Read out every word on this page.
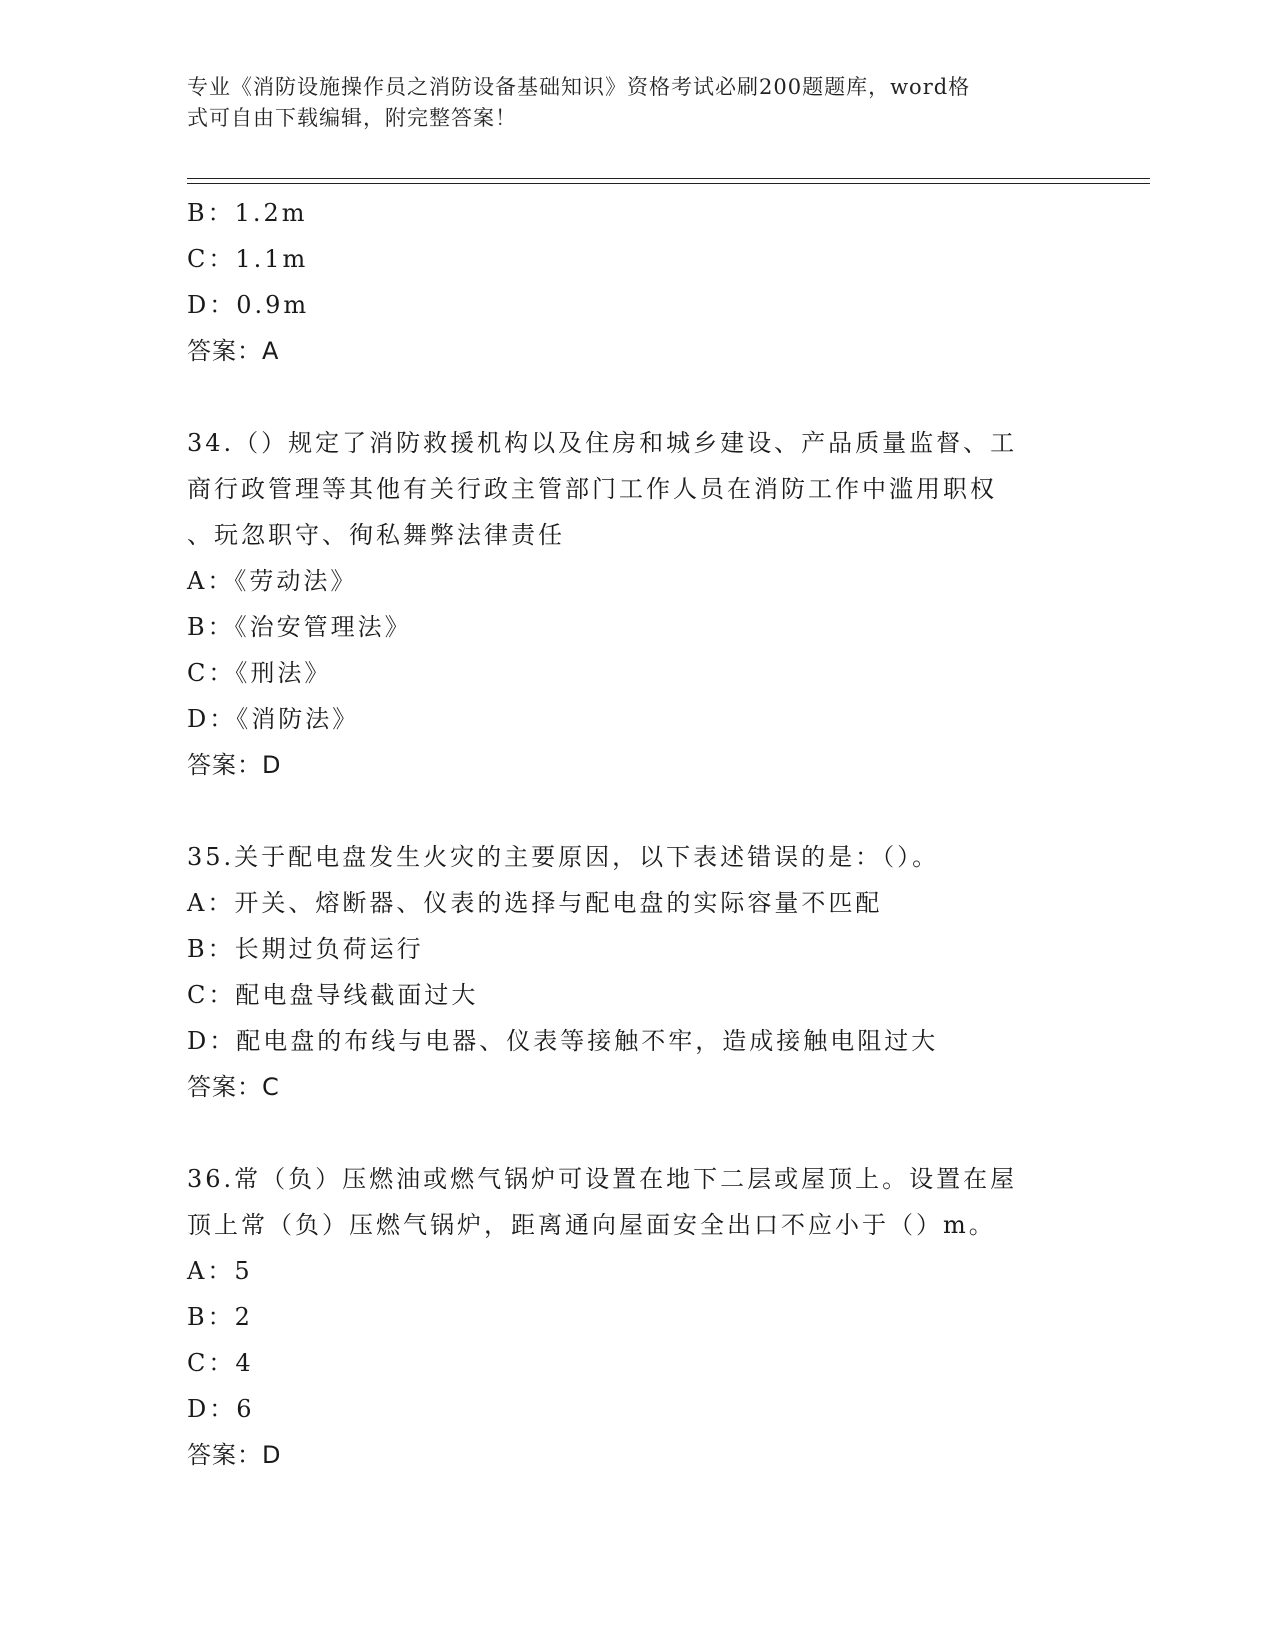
专业《消防设施操作员之消防设备基础知识》资格考试必刷200题题库，word格
式可自由下载编辑，附完整答案！
B：1.2m
C：1.1m
D：0.9m
答案：A
34.（）规定了消防救援机构以及住房和城乡建设、产品质量监督、工
商行政管理等其他有关行政主管部门工作人员在消防工作中滥用职权
、玩忽职守、徇私舞弊法律责任
A：《劳动法》
B：《治安管理法》
C：《刑法》
D：《消防法》
答案：D
35.关于配电盘发生火灾的主要原因，以下表述错误的是：（）。
A：开关、熔断器、仪表的选择与配电盘的实际容量不匹配
B：长期过负荷运行
C：配电盘导线截面过大
D：配电盘的布线与电器、仪表等接触不牢，造成接触电阻过大
答案：C
36.常（负）压燃油或燃气锅炉可设置在地下二层或屋顶上。设置在屋
顶上常（负）压燃气锅炉，距离通向屋面安全出口不应小于（）m。
A：5
B：2
C：4
D：6
答案：D
